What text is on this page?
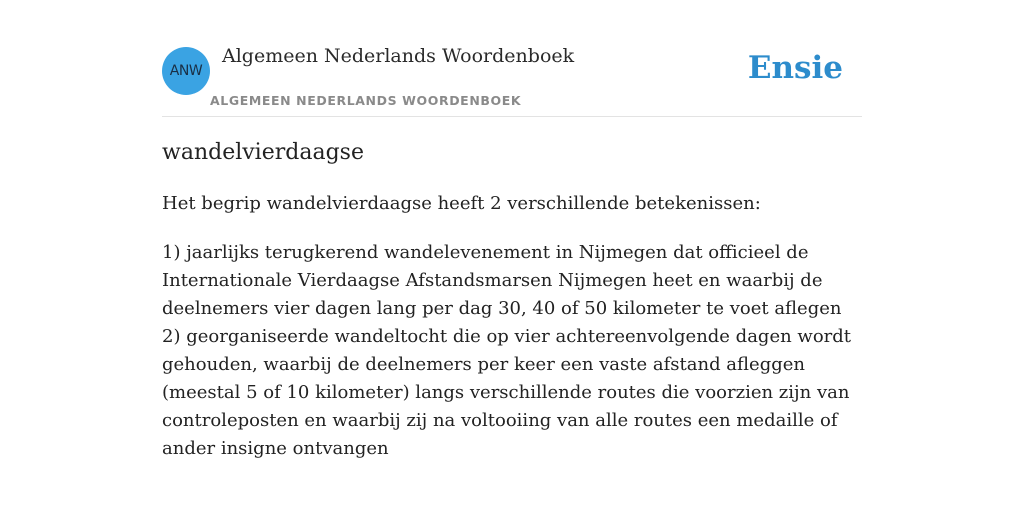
ANW
Algemeen Nederlands Woordenboek
ALGEMEEN NEDERLANDS WOORDENBOEK
Ensie
wandelvierdaagse

Het begrip wandelvierdaagse heeft 2 verschillende betekenissen:

1) jaarlijks terugkerend wandelevenement in Nijmegen dat officieel de Internationale Vierdaagse Afstandsmarsen Nijmegen heet en waarbij de deelnemers vier dagen lang per dag 30, 40 of 50 kilometer te voet aflegen

2) georganiseerde wandeltocht die op vier achtereenvolgende dagen wordt gehouden, waarbij de deelnemers per keer een vaste afstand afleggen (meestal 5 of 10 kilometer) langs verschillende routes die voorzien zijn van controleposten en waarbij zij na voltooiing van alle routes een medaille of ander insigne ontvangen
